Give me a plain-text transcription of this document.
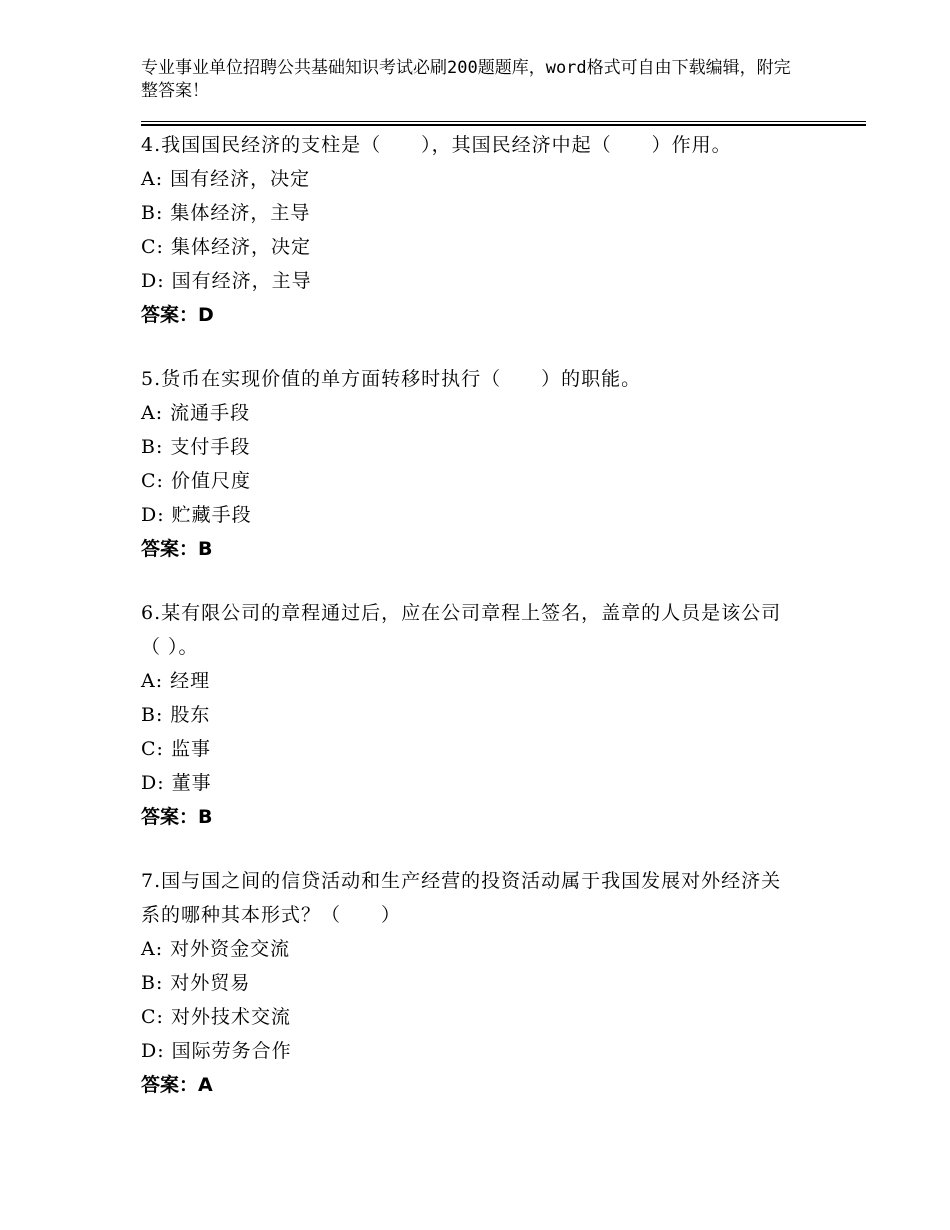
专业事业单位招聘公共基础知识考试必刷200题题库，word格式可自由下载编辑，附完整答案！
4.我国国民经济的支柱是（　　），其国民经济中起（　　）作用。
A: 国有经济，决定
B: 集体经济，主导
C: 集体经济，决定
D: 国有经济，主导
答案：D
5.货币在实现价值的单方面转移时执行（　　）的职能。
A: 流通手段
B: 支付手段
C: 价值尺度
D: 贮藏手段
答案：B
6.某有限公司的章程通过后，应在公司章程上签名，盖章的人员是该公司（ ）。
A: 经理
B: 股东
C: 监事
D: 董事
答案：B
7.国与国之间的信贷活动和生产经营的投资活动属于我国发展对外经济关系的哪种其本形式？（　　）
A: 对外资金交流
B: 对外贸易
C: 对外技术交流
D: 国际劳务合作
答案：A
